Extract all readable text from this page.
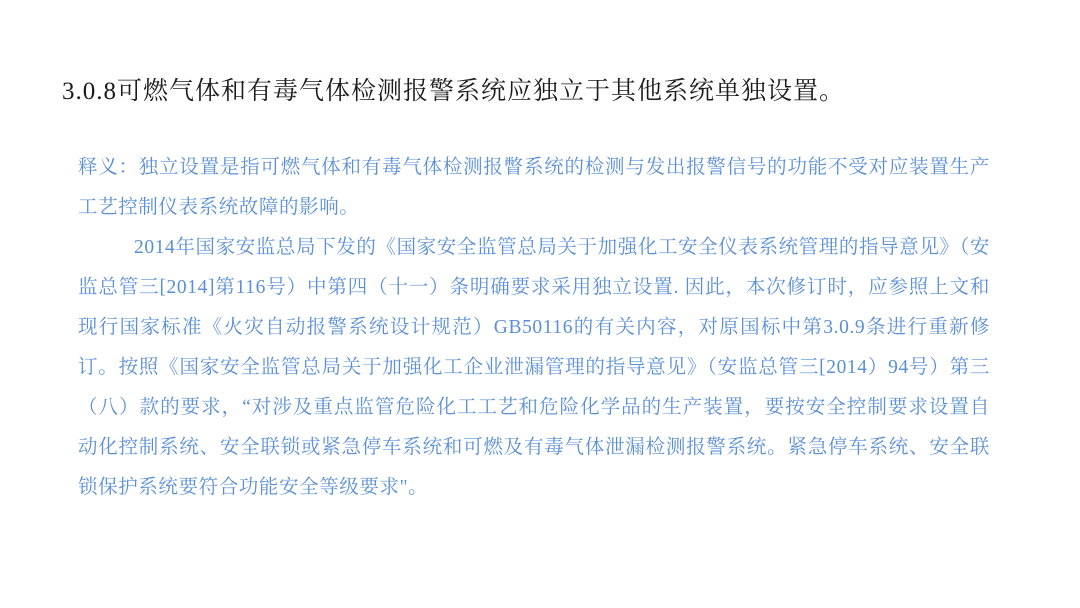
3.0.8可燃气体和有毒气体检测报警系统应独立于其他系统单独设置。

释义：独立设置是指可燃气体和有毒气体检测报瞥系统的检测与发出报警信号的功能不受对应装置生产工艺控制仪表系统故障的影响。

2014年国家安监总局下发的《国家安全监管总局关于加强化工安全仪表系统管理的指导意见》（安监总管三[2014]第116号）中第四（十一）条明确要求采用独立设置. 因此，本次修订时，应参照上文和现行国家标准《火灾自动报警系统设计规范）GB50116的有关内容，对原国标中第3.0.9条进行重新修订。按照《国家安全监管总局关于加强化工企业泄漏管理的指导意见》（安监总管三[2014）94号）第三（八）款的要求，“对涉及重点监管危险化工工艺和危险化学品的生产装置，要按安全控制要求设置自动化控制系统、安全联锁或紧急停车系统和可燃及有毒气体泄漏检测报警系统。紧急停车系统、安全联锁保护系统要符合功能安全等级要求"。
